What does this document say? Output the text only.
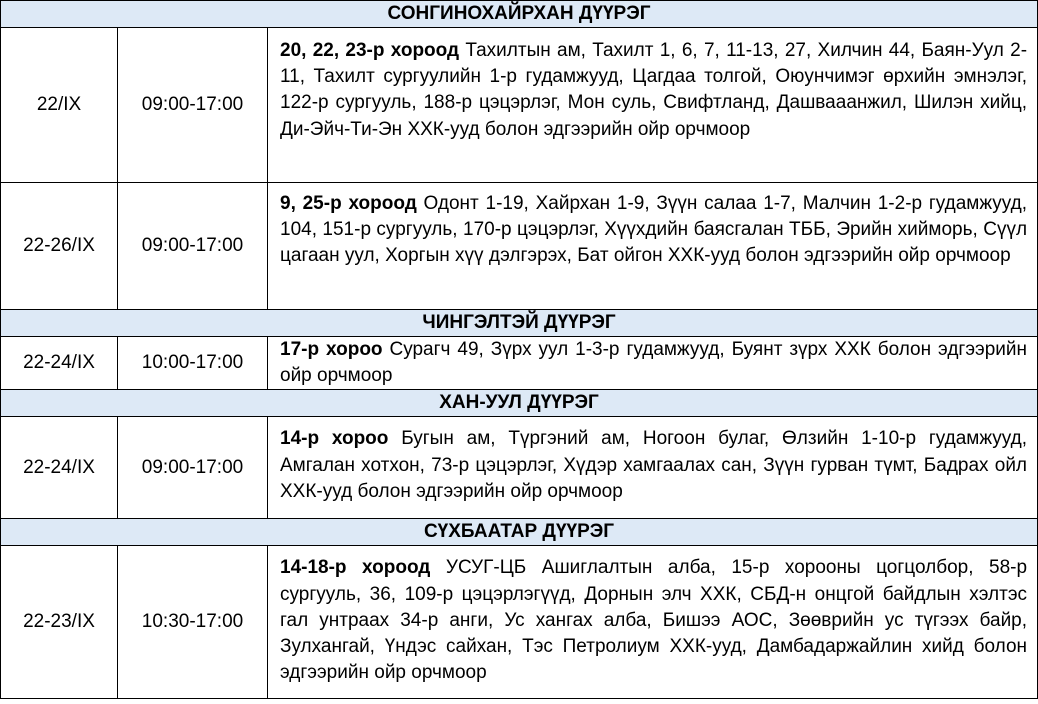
СОНГИНОХАЙРХАН ДҮҮРЭГ		
22/IX	09:00-17:00	20, 22, 23-р хороод Тахилтын ам, Тахилт 1, 6, 7, 11-13, 27, Хилчин 44, Баян-Уул 2-11, Тахилт сургуулийн 1-р гудамжууд, Цагдаа толгой, Оюунчимэг өрхийн эмнэлэг, 122-р сургууль, 188-р цэцэрлэг, Мон суль, Свифтланд, Дашвааанжил, Шилэн хийц, Ди-Эйч-Ти-Эн ХХК-ууд болон эдгээрийн ойр орчмоор
22-26/IX	09:00-17:00	9, 25-р хороод Одонт 1-19, Хайрхан 1-9, Зүүн салаа 1-7, Малчин 1-2-р гудамжууд, 104, 151-р сургууль, 170-р цэцэрлэг, Хүүхдийн баясгалан ТББ, Эрийн хийморь, Сүүл цагаан уул, Хоргын хүү дэлгэрэх, Бат ойгон ХХК-ууд болон эдгээрийн ойр орчмоор
ЧИНГЭЛТЭЙ ДҮҮРЭГ		
22-24/IX	10:00-17:00	17-р хороо Сурагч 49, Зүрх уул 1-3-р гудамжууд, Буянт зүрх ХХК болон эдгээрийн ойр орчмоор
ХАН-УУЛ ДҮҮРЭГ		
22-24/IX	09:00-17:00	14-р хороо Бугын ам, Түргэний ам, Ногоон булаг, Өлзийн 1-10-р гудамжууд, Амгалан хотхон, 73-р цэцэрлэг, Хүдэр хамгаалах сан, Зүүн гурван түмт, Бадрах ойл ХХК-ууд болон эдгээрийн ойр орчмоор
СҮХБААТАР ДҮҮРЭГ		
22-23/IX	10:30-17:00	14-18-р хороод УСУГ-ЦБ Ашиглалтын алба, 15-р хорооны цогцолбор, 58-р сургууль, 36, 109-р цэцэрлэгүүд, Дорнын элч ХХК, СБД-н онцгой байдлын хэлтэс гал унтраах 34-р анги, Ус хангах алба, Бишээ АОС, Зөөврийн ус түгээх байр, Зулхангай, Үндэс сайхан, Тэс Петролиум ХХК-ууд, Дамбадаржайлин хийд болон эдгээрийн ойр орчмоор
